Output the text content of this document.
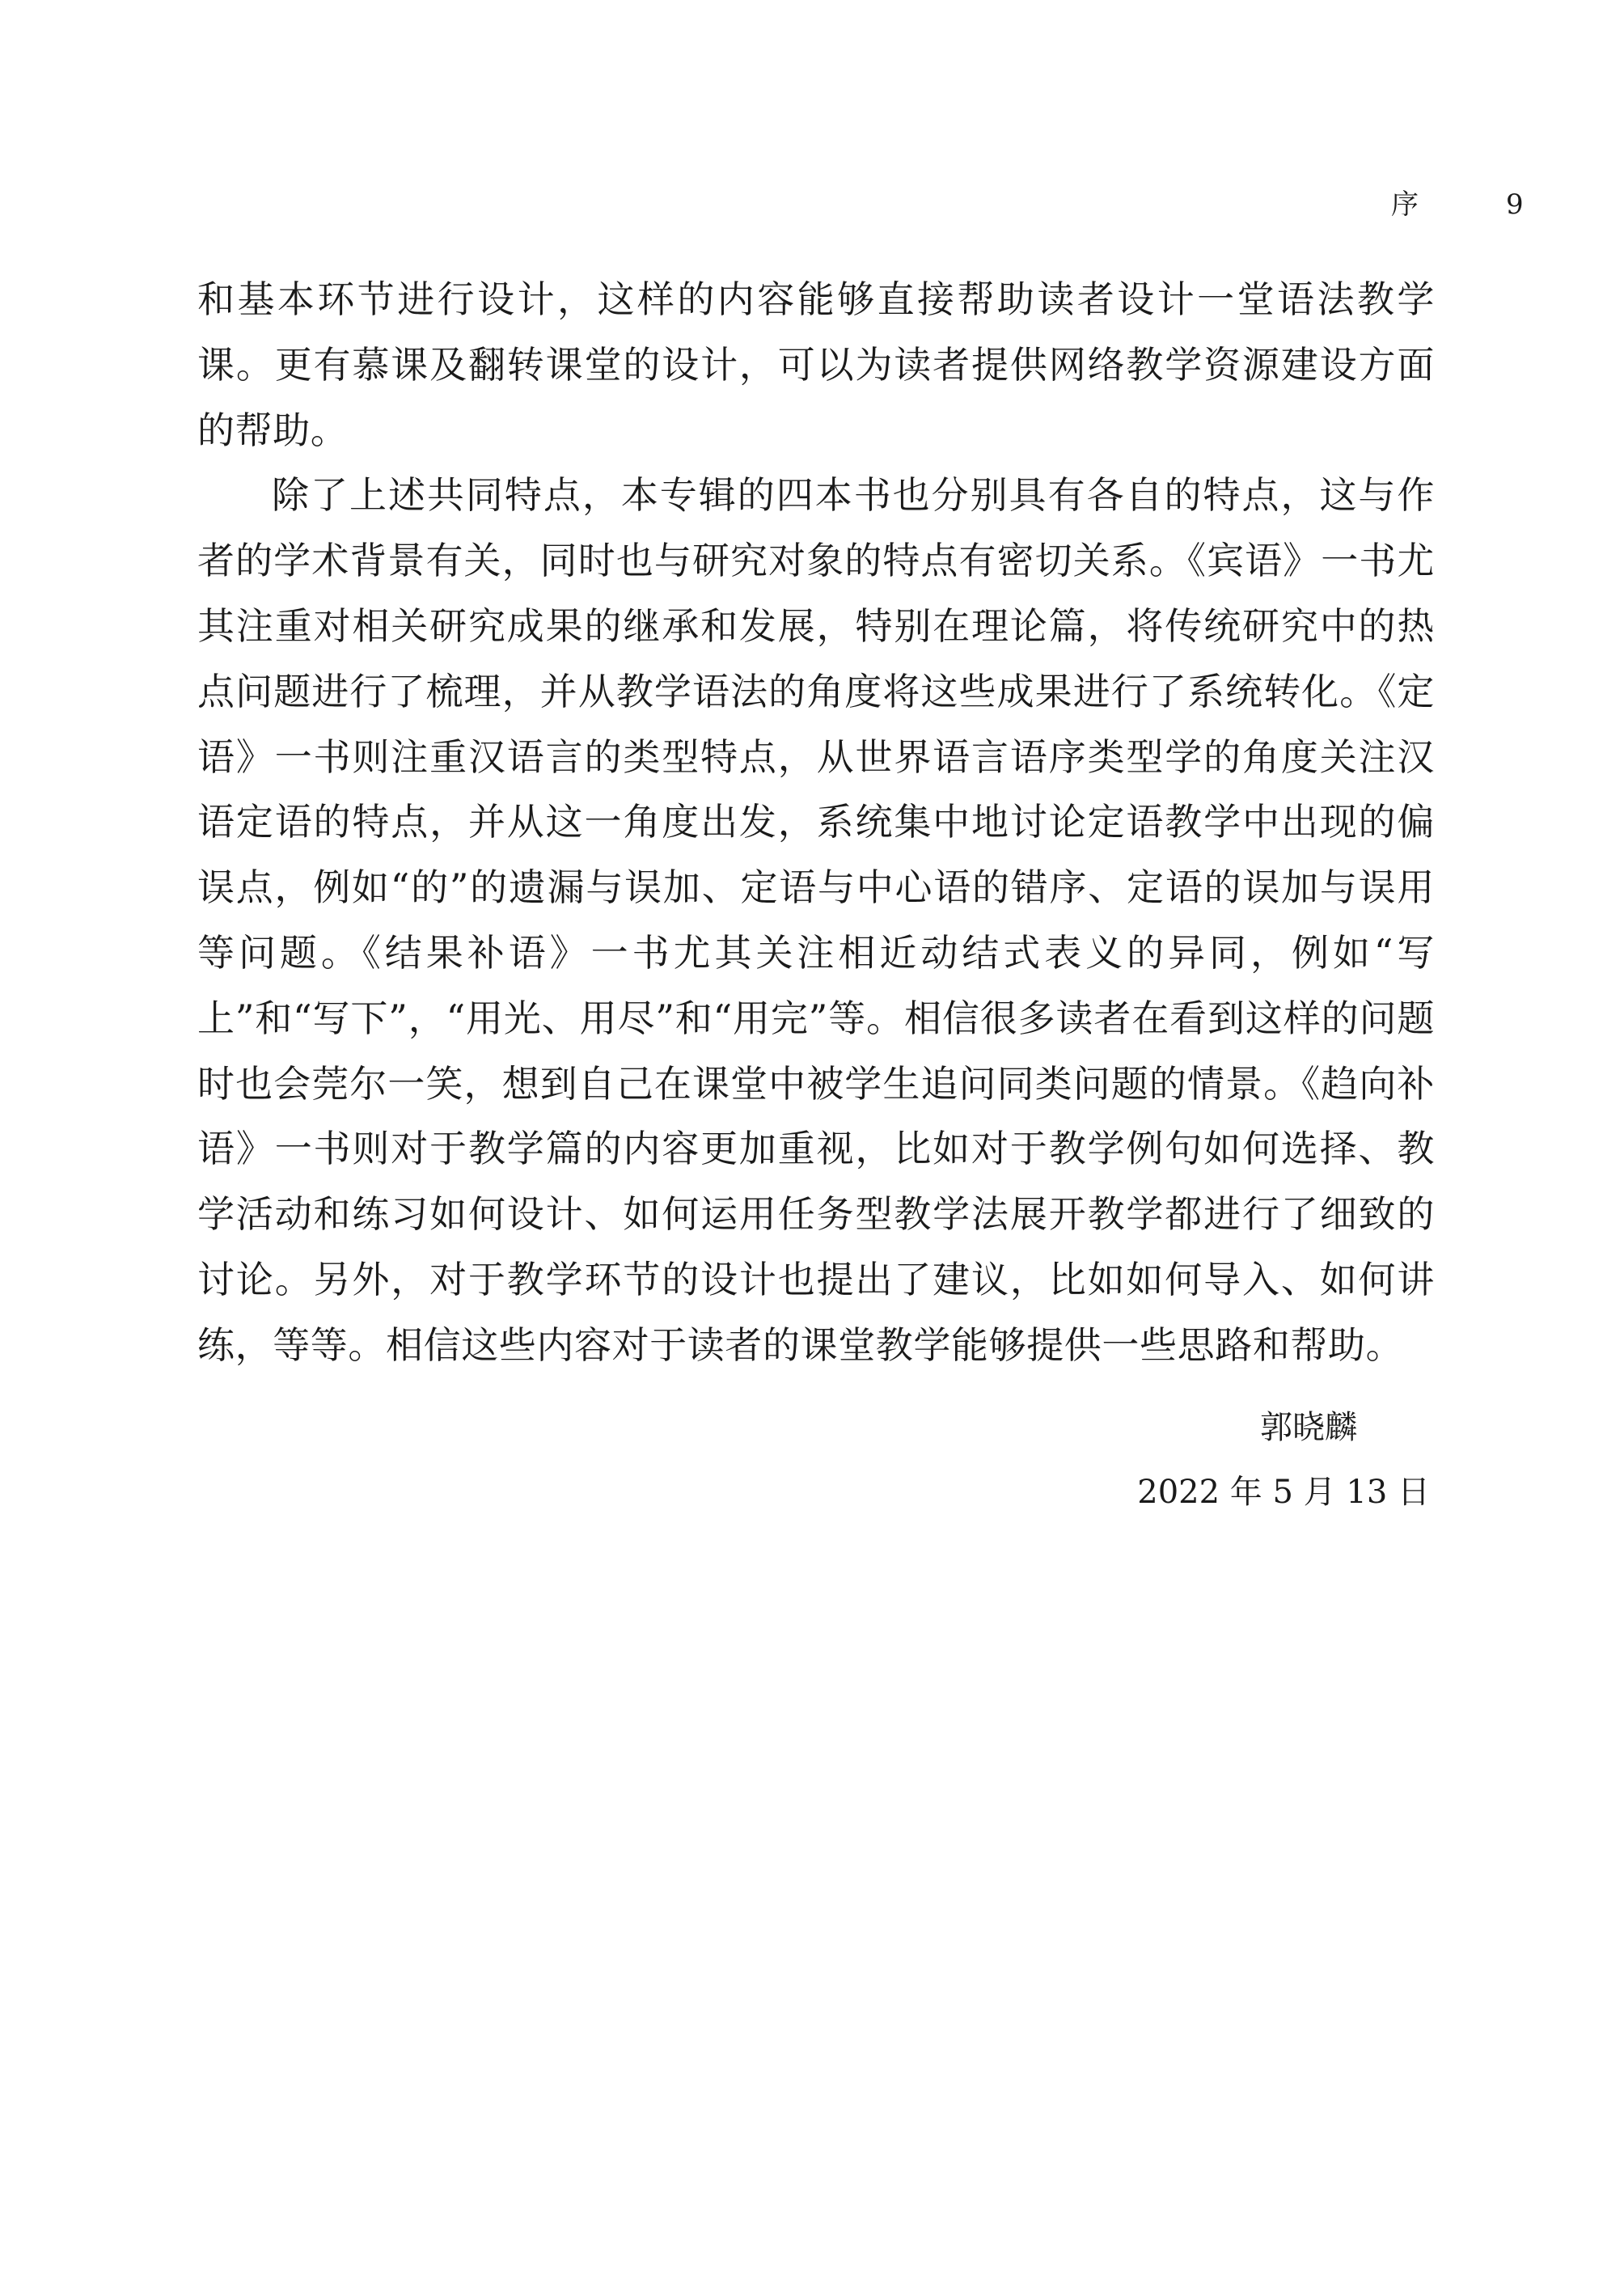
序	9

和基本环节进行设计，这样的内容能够直接帮助读者设计一堂语法教学课。更有慕课及翻转课堂的设计，可以为读者提供网络教学资源建设方面的帮助。

除了上述共同特点，本专辑的四本书也分别具有各自的特点，这与作者的学术背景有关，同时也与研究对象的特点有密切关系。《宾语》一书尤其注重对相关研究成果的继承和发展，特别在理论篇，将传统研究中的热点问题进行了梳理，并从教学语法的角度将这些成果进行了系统转化。《定语》一书则注重汉语言的类型特点，从世界语言语序类型学的角度关注汉语定语的特点，并从这一角度出发，系统集中地讨论定语教学中出现的偏误点，例如“的”的遗漏与误加、定语与中心语的错序、定语的误加与误用等问题。《结果补语》一书尤其关注相近动结式表义的异同，例如“写上”和“写下”，“用光、用尽”和“用完”等。相信很多读者在看到这样的问题时也会莞尔一笑，想到自己在课堂中被学生追问同类问题的情景。《趋向补语》一书则对于教学篇的内容更加重视，比如对于教学例句如何选择、教学活动和练习如何设计、如何运用任务型教学法展开教学都进行了细致的讨论。另外，对于教学环节的设计也提出了建议，比如如何导入、如何讲练，等等。相信这些内容对于读者的课堂教学能够提供一些思路和帮助。

郭晓麟
2022 年 5 月 13 日
